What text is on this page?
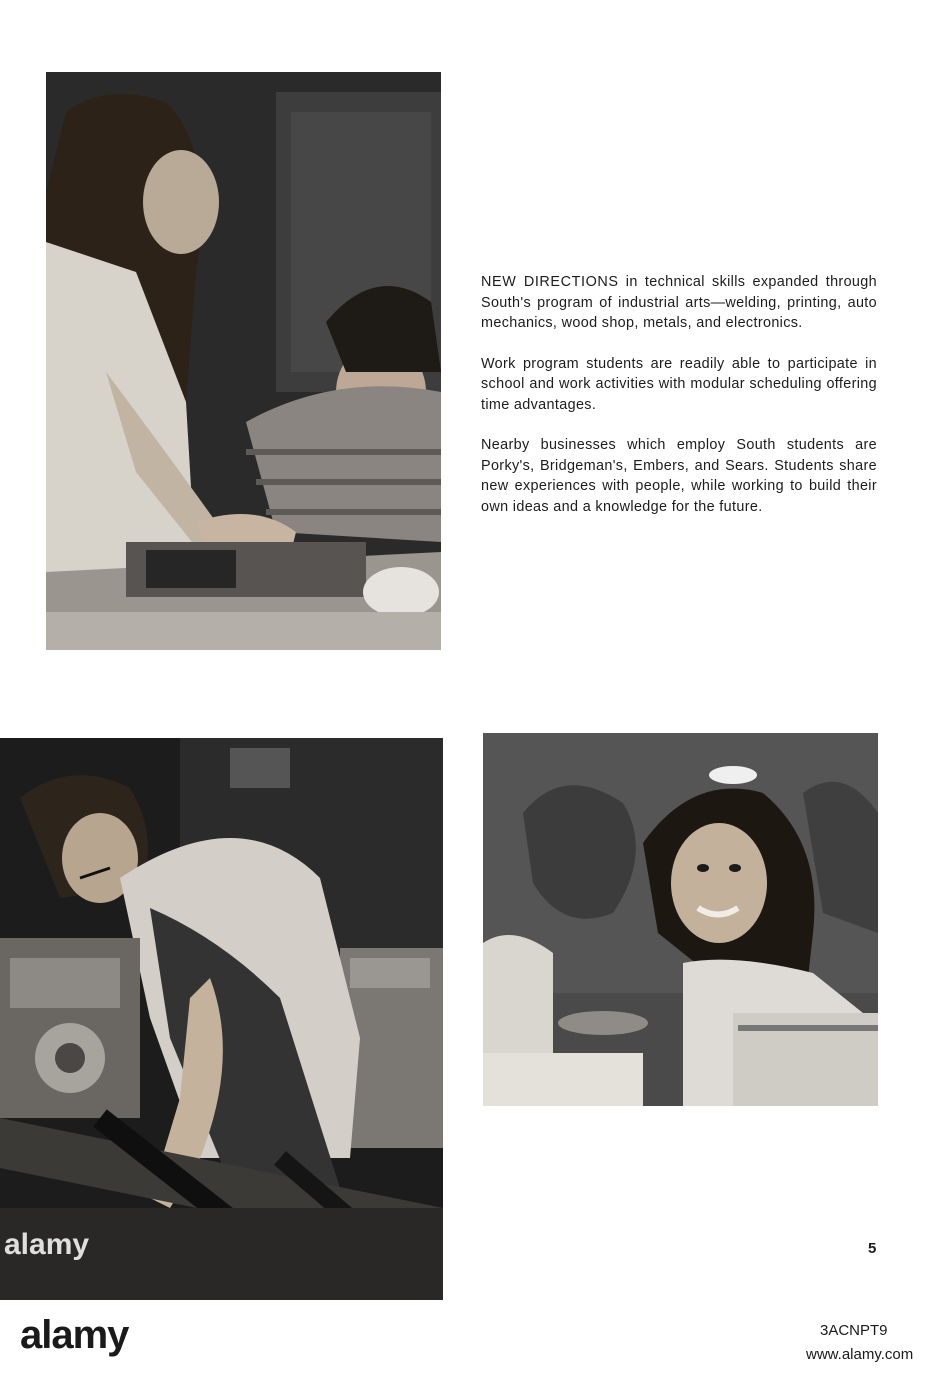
alamy

NEW DIRECTIONS in technical skills expanded through South's program of industrial arts—welding, printing, auto mechanics, wood shop, metals, and electronics.

Work program students are readily able to participate in school and work activities with modular scheduling offering time advantages.

Nearby businesses which employ South students are Porky's, Bridgeman's, Embers, and Sears. Students share new experiences with people, while working to build their own ideas and a knowledge for the future.

5
alamy	3ACNPT9
www.alamy.com
